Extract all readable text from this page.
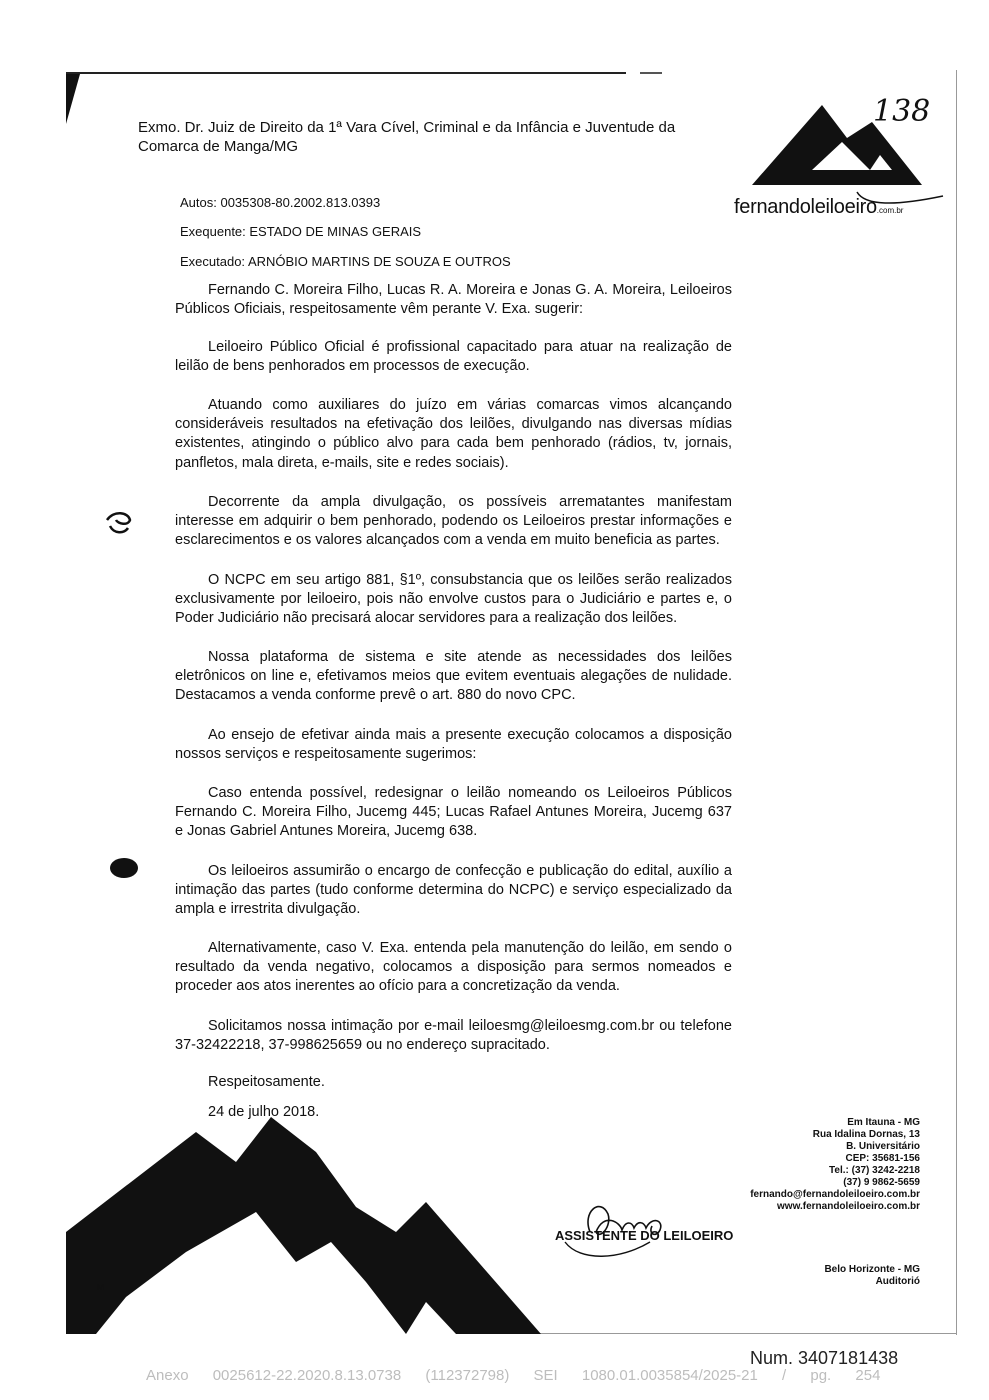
138
fernandoleiloeiro.com.br
Exmo. Dr. Juiz de Direito da 1ª Vara Cível, Criminal e da Infância e Juventude da
Comarca de Manga/MG
Autos: 0035308-80.2002.813.0393
Exequente: ESTADO DE MINAS GERAIS
Executado: ARNÓBIO MARTINS DE SOUZA E OUTROS

Fernando C. Moreira Filho, Lucas R. A. Moreira e Jonas G. A. Moreira, Leiloeiros Públicos Oficiais, respeitosamente vêm perante V. Exa. sugerir:

Leiloeiro Público Oficial é profissional capacitado para atuar na realização de leilão de bens penhorados em processos de execução.

Atuando como auxiliares do juízo em várias comarcas vimos alcançando consideráveis resultados na efetivação dos leilões, divulgando nas diversas mídias existentes, atingindo o público alvo para cada bem penhorado (rádios, tv, jornais, panfletos, mala direta, e-mails, site e redes sociais).

Decorrente da ampla divulgação, os possíveis arrematantes manifestam interesse em adquirir o bem penhorado, podendo os Leiloeiros prestar informações e esclarecimentos e os valores alcançados com a venda em muito beneficia as partes.

O NCPC em seu artigo 881, §1º, consubstancia que os leilões serão realizados exclusivamente por leiloeiro, pois não envolve custos para o Judiciário e partes e, o Poder Judiciário não precisará alocar servidores para a realização dos leilões.

Nossa plataforma de sistema e site atende as necessidades dos leilões eletrônicos on line e, efetivamos meios que evitem eventuais alegações de nulidade. Destacamos a venda conforme prevê o art. 880 do novo CPC.

Ao ensejo de efetivar ainda mais a presente execução colocamos a disposição nossos serviços e respeitosamente sugerimos:

Caso entenda possível, redesignar o leilão nomeando os Leiloeiros Públicos Fernando C. Moreira Filho, Jucemg 445; Lucas Rafael Antunes Moreira, Jucemg 637 e Jonas Gabriel Antunes Moreira, Jucemg 638.

Os leiloeiros assumirão o encargo de confecção e publicação do edital, auxílio a intimação das partes (tudo conforme determina do NCPC) e serviço especializado da ampla e irrestrita divulgação.

Alternativamente, caso V. Exa. entenda pela manutenção do leilão, em sendo o resultado da venda negativo, colocamos a disposição para sermos nomeados e proceder aos atos inerentes ao ofício para a concretização da venda.

Solicitamos nossa intimação por e-mail leiloesmg@leiloesmg.com.br ou telefone 37-32422218, 37-998625659 ou no endereço supracitado.

Respeitosamente.
24 de julho 2018.
M
ASSISTENTE DO LEILOEIRO
Em Itauna - MG
Rua Idalina Dornas, 13
B. Universitário
CEP: 35681-156
Tel.: (37) 3242-2218
(37) 9 9862-5659
fernando@fernandoleiloeiro.com.br
www.fernandoleiloeiro.com.br
Belo Horizonte - MG
Auditorió
Num. 3407181438
Anexo 0025612-22.2020.8.13.0738 (112372798) SEI 1080.01.0035854/2025-21 / pg. 254
